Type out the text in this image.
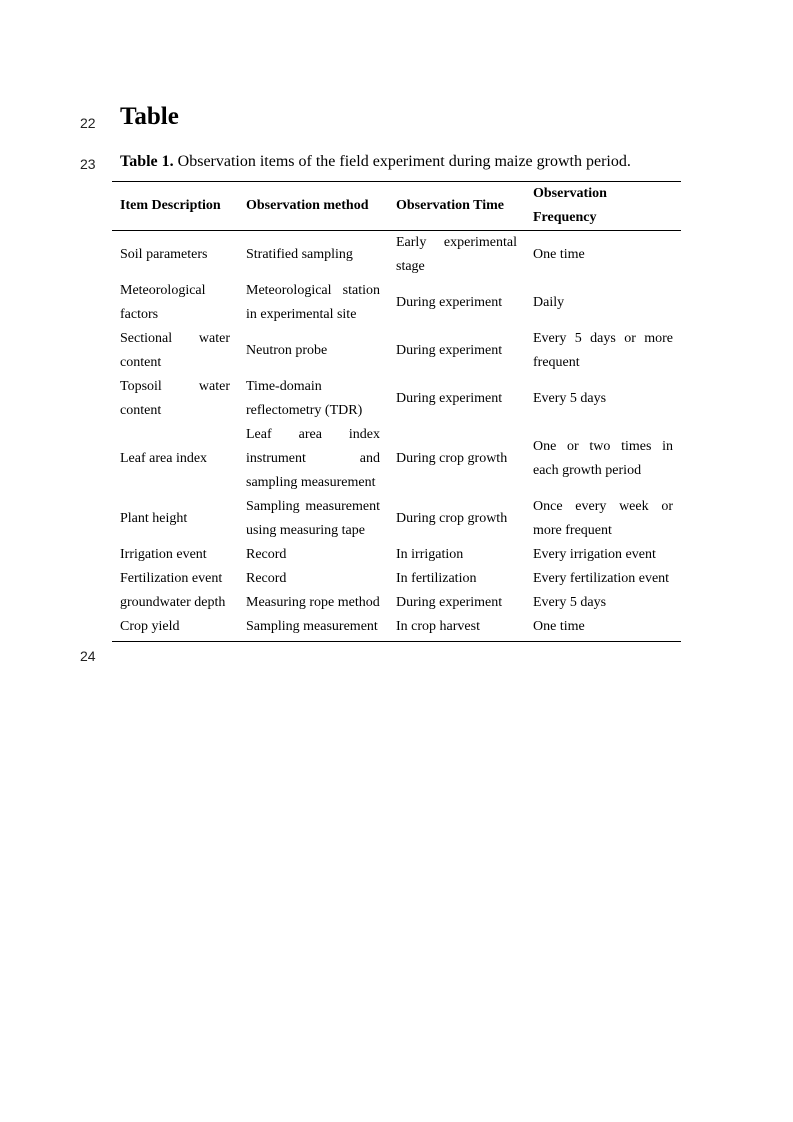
22 Table
23 Table 1. Observation items of the field experiment during maize growth period.
Item Description	Observation method	Observation Time	Observation Frequency
Soil parameters	Stratified sampling	Early experimental stage	One time
Meteorological factors	Meteorological station in experimental site	During experiment	Daily
Sectional water content	Neutron probe	During experiment	Every 5 days or more frequent
Topsoil water content	Time-domain reflectometry (TDR)	During experiment	Every 5 days
Leaf area index	Leaf area index instrument and sampling measurement	During crop growth	One or two times in each growth period
Plant height	Sampling measurement using measuring tape	During crop growth	Once every week or more frequent
Irrigation event	Record	In irrigation	Every irrigation event
Fertilization event	Record	In fertilization	Every fertilization event
groundwater depth	Measuring rope method	During experiment	Every 5 days
Crop yield	Sampling measurement	In crop harvest	One time
24
